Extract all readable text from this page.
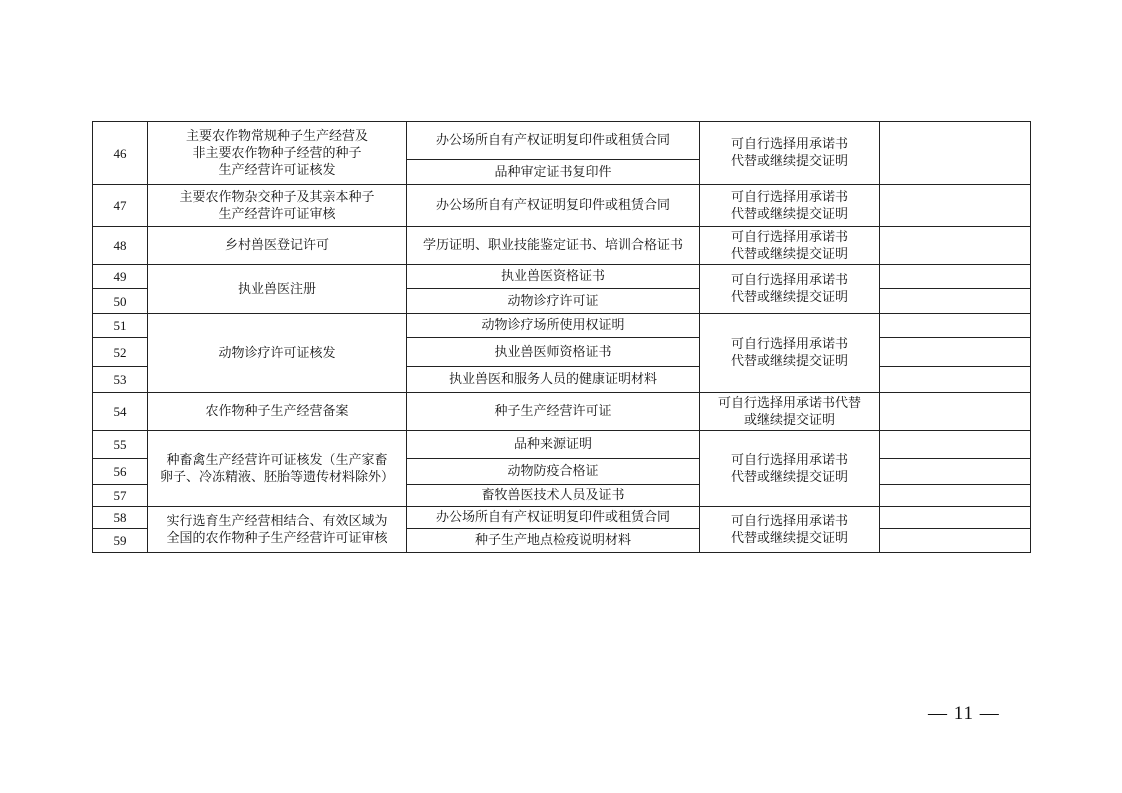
46	主要农作物常规种子生产经营及
非主要农作物种子经营的种子
生产经营许可证核发	办公场所自有产权证明复印件或租赁合同	可自行选择用承诺书
代替或继续提交证明	
		品种审定证书复印件		
47	主要农作物杂交种子及其亲本种子
生产经营许可证审核	办公场所自有产权证明复印件或租赁合同	可自行选择用承诺书
代替或继续提交证明	
48	乡村兽医登记许可	学历证明、职业技能鉴定证书、培训合格证书	可自行选择用承诺书
代替或继续提交证明	
49	执业兽医注册	执业兽医资格证书	可自行选择用承诺书
代替或继续提交证明	
50		动物诊疗许可证		
51	动物诊疗许可证核发	动物诊疗场所使用权证明	可自行选择用承诺书
代替或继续提交证明	
52		执业兽医师资格证书		
53		执业兽医和服务人员的健康证明材料		
54	农作物种子生产经营备案	种子生产经营许可证	可自行选择用承诺书代替
或继续提交证明	
55	种畜禽生产经营许可证核发（生产家畜
卵子、冷冻精液、胚胎等遗传材料除外）	品种来源证明	可自行选择用承诺书
代替或继续提交证明	
56		动物防疫合格证		
57		畜牧兽医技术人员及证书		
58	实行选育生产经营相结合、有效区域为
全国的农作物种子生产经营许可证审核	办公场所自有产权证明复印件或租赁合同	可自行选择用承诺书
代替或继续提交证明	
59		种子生产地点检疫说明材料		
— 11 —
